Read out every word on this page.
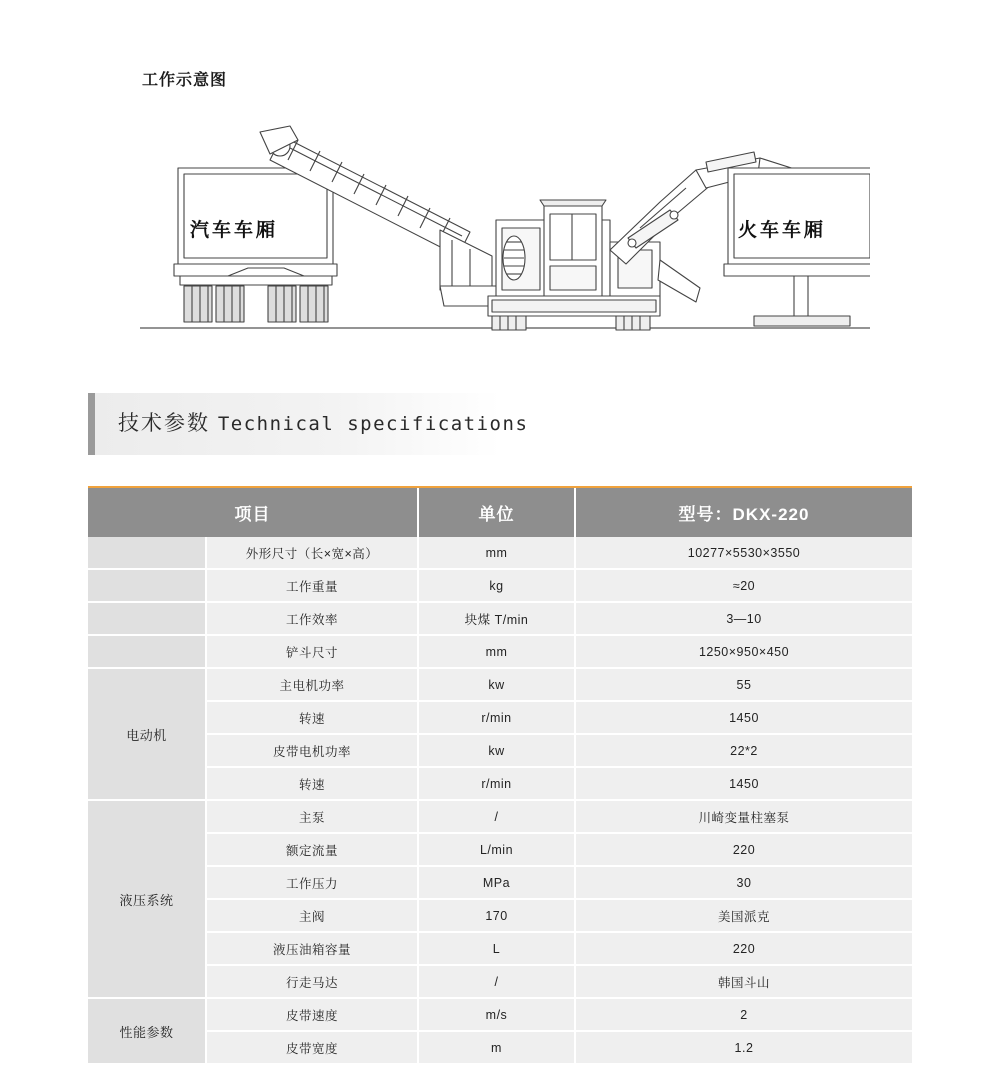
工作示意图
汽车车厢	火车车厢
技术参数 Technical specifications
项目		单位	型号：DKX-220
	外形尺寸（长×宽×高）	mm	10277×5530×3550
	工作重量	kg	≈20
	工作效率	块煤 T/min	3—10
	铲斗尺寸	mm	1250×950×450
电动机	主电机功率	kw	55
	转速	r/min	1450
	皮带电机功率	kw	22*2
	转速	r/min	1450
液压系统	主泵	/	川崎变量柱塞泵
	额定流量	L/min	220
	工作压力	MPa	30
	主阀	170	美国派克
	液压油箱容量	L	220
	行走马达	/	韩国斗山
性能参数	皮带速度	m/s	2
	皮带宽度	m	1.2
